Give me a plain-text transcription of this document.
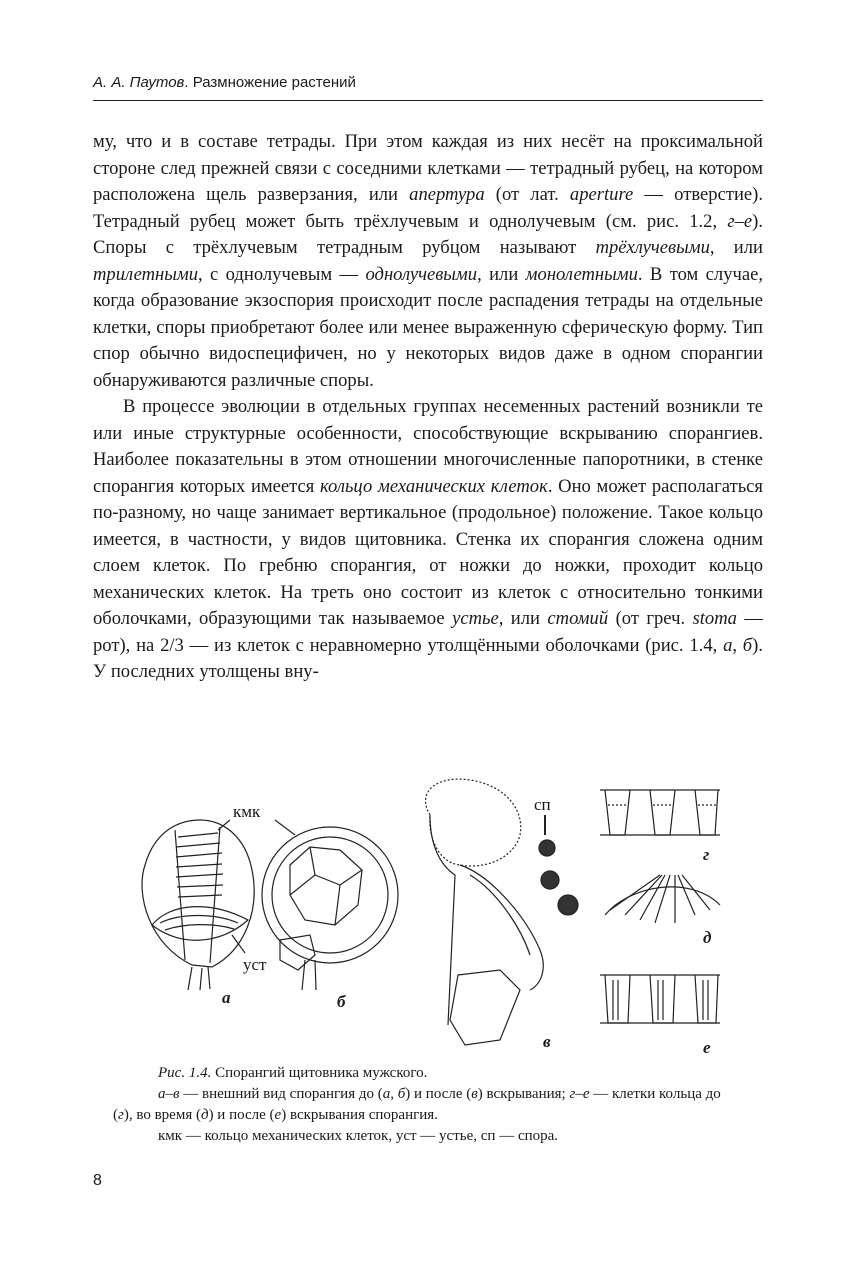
А. А. Паутов. Размножение растений

му, что и в составе тетрады. При этом каждая из них несёт на проксимальной стороне след прежней связи с соседними клетками — тетрадный рубец, на котором расположена щель разверзания, или апертура (от лат. aperture — отверстие). Тетрадный рубец может быть трёхлучевым и однолучевым (см. рис. 1.2, г–е). Споры с трёхлучевым тетрадным рубцом называют трёхлучевыми, или трилетными, с однолучевым — однолучевыми, или монолетными. В том случае, когда образование экзоспория происходит после распадения тетрады на отдельные клетки, споры приобретают более или менее выраженную сферическую форму. Тип спор обычно видоспецифичен, но у некоторых видов даже в одном спорангии обнаруживаются различные споры.

В процессе эволюции в отдельных группах несеменных растений возникли те или иные структурные особенности, способствующие вскрыванию спорангиев. Наиболее показательны в этом отношении многочисленные папоротники, в стенке спорангия которых имеется кольцо механических клеток. Оно может располагаться по-разному, но чаще занимает вертикальное (продольное) положение. Такое кольцо имеется, в частности, у видов щитовника. Стенка их спорангия сложена одним слоем клеток. По гребню спорангия, от ножки до ножки, проходит кольцо механических клеток. На треть оно состоит из клеток с относительно тонкими оболочками, образующими так называемое устье, или стомий (от греч. stoma — рот), на 2/3 — из клеток с неравномерно утолщёнными оболочками (рис. 1.4, а, б). У последних утолщены вну-

кмк
уст
сп
а	б
в
г
д
е
Рис. 1.4. Спорангий щитовника мужского.
а–в — внешний вид спорангия до (а, б) и после (в) вскрывания; г–е — клетки кольца до (г), во время (д) и после (е) вскрывания спорангия.
кмк — кольцо механических клеток, уст — устье, сп — спора.
8
